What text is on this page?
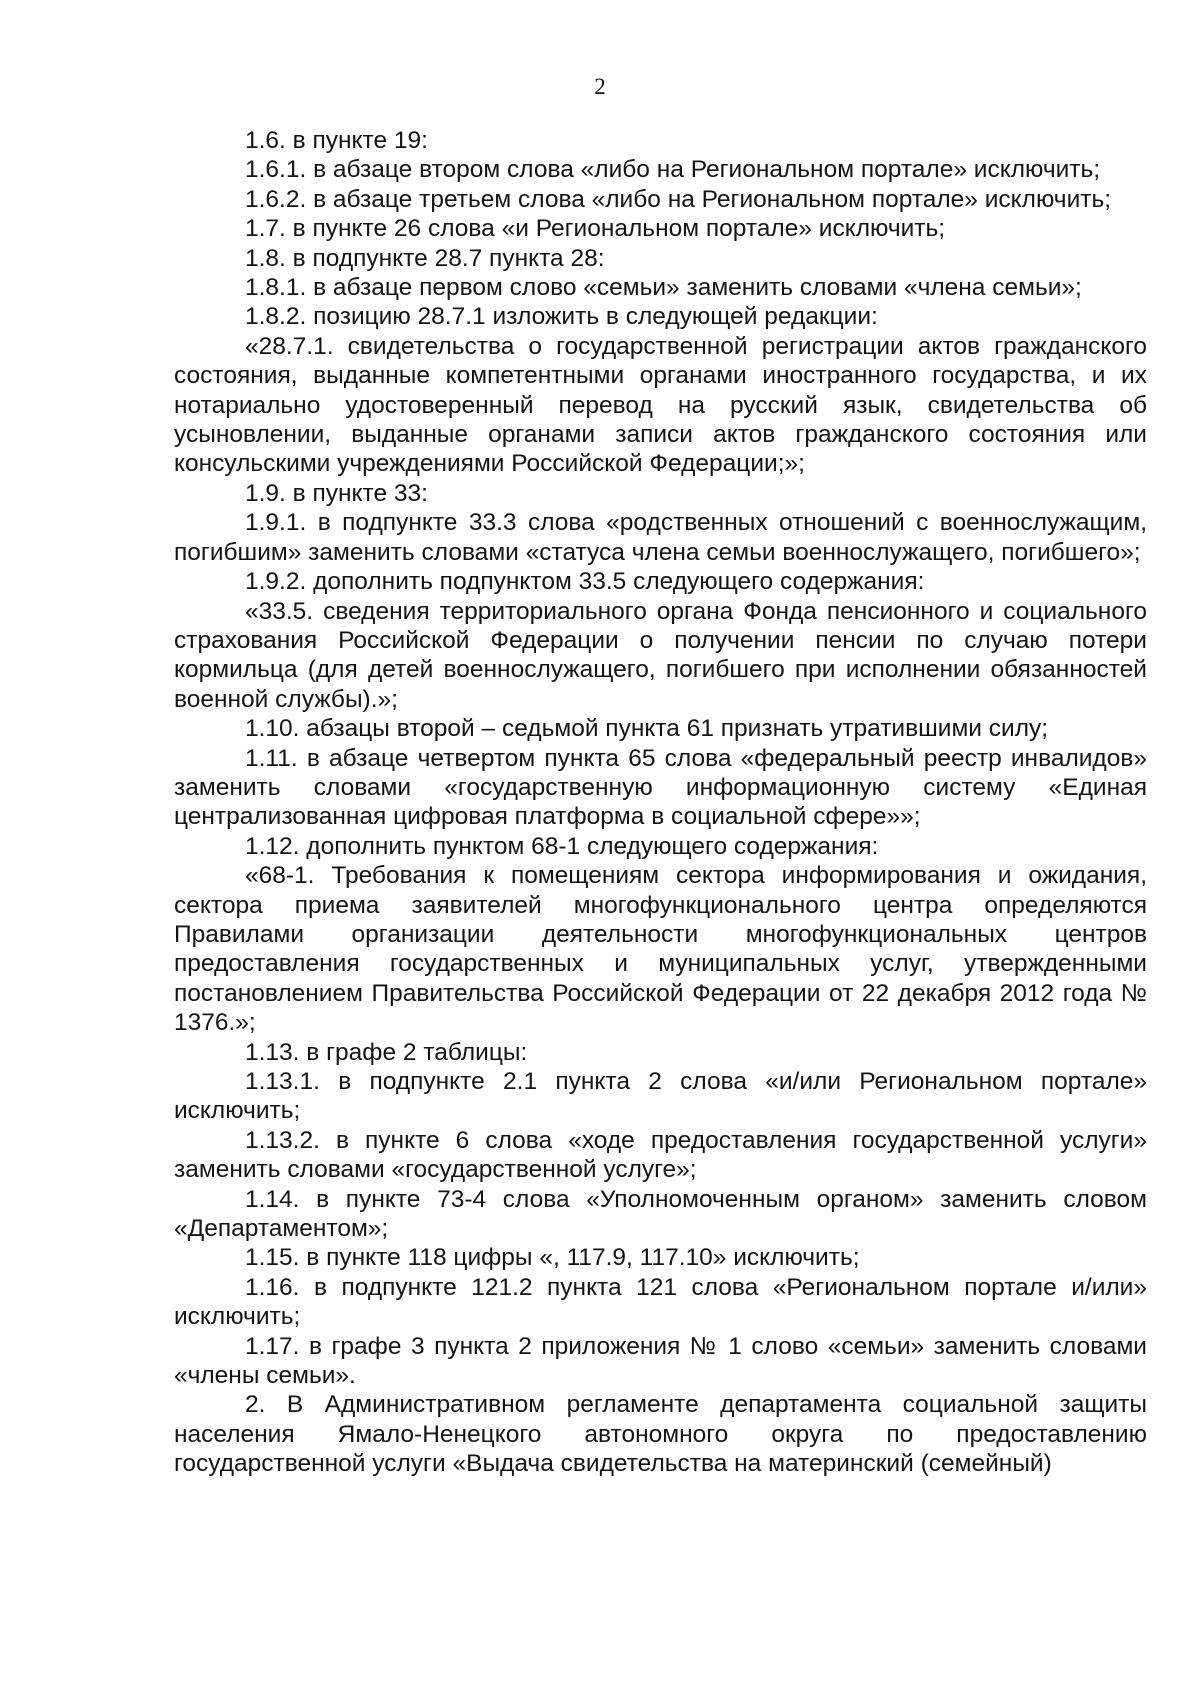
2

1.6. в пункте 19:

1.6.1. в абзаце втором слова «либо на Региональном портале» исключить;

1.6.2. в абзаце третьем слова «либо на Региональном портале» исключить;

1.7. в пункте 26 слова «и Региональном портале» исключить;

1.8. в подпункте 28.7 пункта 28:

1.8.1. в абзаце первом слово «семьи» заменить словами «члена семьи»;

1.8.2. позицию 28.7.1 изложить в следующей редакции:

«28.7.1. свидетельства о государственной регистрации актов гражданского состояния, выданные компетентными органами иностранного государства, и их нотариально удостоверенный перевод на русский язык, свидетельства об усыновлении, выданные органами записи актов гражданского состояния или консульскими учреждениями Российской Федерации;»;

1.9. в пункте 33:

1.9.1. в подпункте 33.3 слова «родственных отношений с военнослужащим, погибшим» заменить словами «статуса члена семьи военнослужащего, погибшего»;

1.9.2. дополнить подпунктом 33.5 следующего содержания:

«33.5. сведения территориального органа Фонда пенсионного и социального страхования Российской Федерации о получении пенсии по случаю потери кормильца (для детей военнослужащего, погибшего при исполнении обязанностей военной службы).»;

1.10. абзацы второй – седьмой пункта 61 признать утратившими силу;

1.11. в абзаце четвертом пункта 65 слова «федеральный реестр инвалидов» заменить словами «государственную информационную систему «Единая централизованная цифровая платформа в социальной сфере»»;

1.12. дополнить пунктом 68-1 следующего содержания:

«68-1. Требования к помещениям сектора информирования и ожидания, сектора приема заявителей многофункционального центра определяются Правилами организации деятельности многофункциональных центров предоставления государственных и муниципальных услуг, утвержденными постановлением Правительства Российской Федерации от 22 декабря 2012 года № 1376.»;

1.13. в графе 2 таблицы:

1.13.1. в подпункте 2.1 пункта 2 слова «и/или Региональном портале» исключить;

1.13.2. в пункте 6 слова «ходе предоставления государственной услуги» заменить словами «государственной услуге»;

1.14. в пункте 73-4 слова «Уполномоченным органом» заменить словом «Департаментом»;

1.15. в пункте 118 цифры «, 117.9, 117.10» исключить;

1.16. в подпункте 121.2 пункта 121 слова «Региональном портале и/или» исключить;

1.17. в графе 3 пункта 2 приложения № 1 слово «семьи» заменить словами «члены семьи».

2. В Административном регламенте департамента социальной защиты населения Ямало-Ненецкого автономного округа по предоставлению государственной услуги «Выдача свидетельства на материнский (семейный)
